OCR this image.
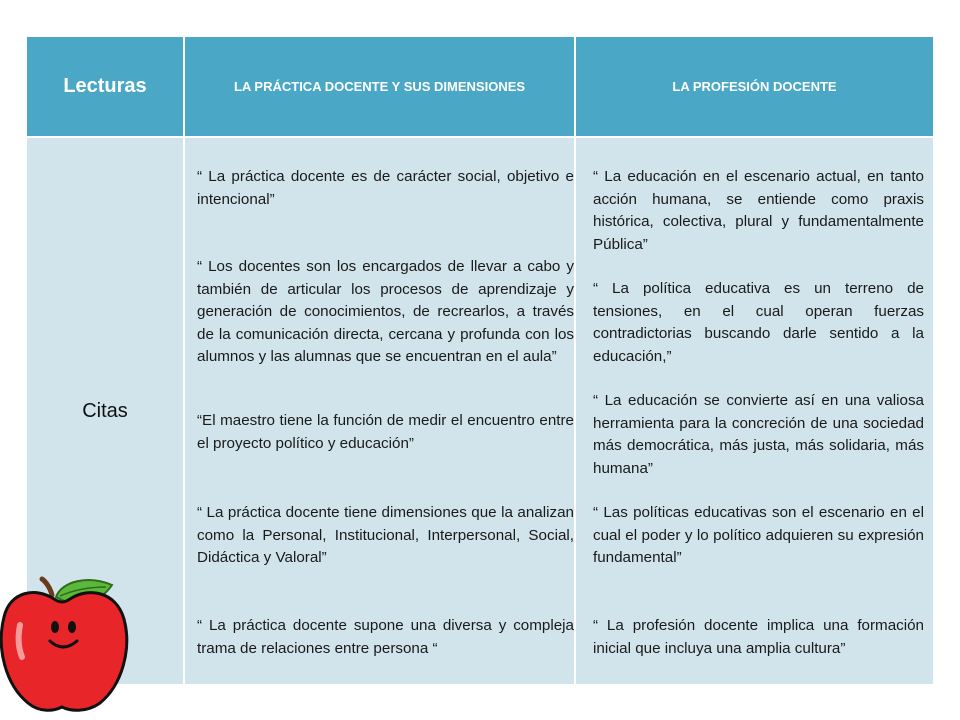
Lecturas	LA PRÁCTICA DOCENTE Y SUS DIMENSIONES	LA PROFESIÓN DOCENTE
Citas

“ La práctica docente es de carácter social, objetivo e intencional”

“ Los docentes son los encargados de llevar a cabo y también de articular los procesos de aprendizaje y generación de conocimientos, de recrearlos, a través de la comunicación directa, cercana y profunda con los alumnos y las alumnas que se encuentran en el aula”

“El maestro tiene la función de medir el encuentro entre el proyecto político y educación”

“ La práctica docente tiene dimensiones que la analizan como la Personal, Institucional, Interpersonal, Social, Didáctica y Valoral”

“ La práctica docente supone una diversa y compleja trama de relaciones entre persona “

“ La educación en el escenario actual, en tanto acción humana, se entiende como praxis histórica, colectiva, plural y fundamentalmente Pública”

“ La política educativa es un terreno de tensiones, en el cual operan fuerzas contradictorias buscando darle sentido a la educación,”

“ La educación se convierte así en una valiosa herramienta para la concreción de una sociedad más democrática, más justa, más solidaria, más humana”

“ Las políticas educativas son el escenario en el cual el poder y lo político adquieren su expresión fundamental”

“ La profesión docente implica una formación inicial que incluya una amplia cultura”
